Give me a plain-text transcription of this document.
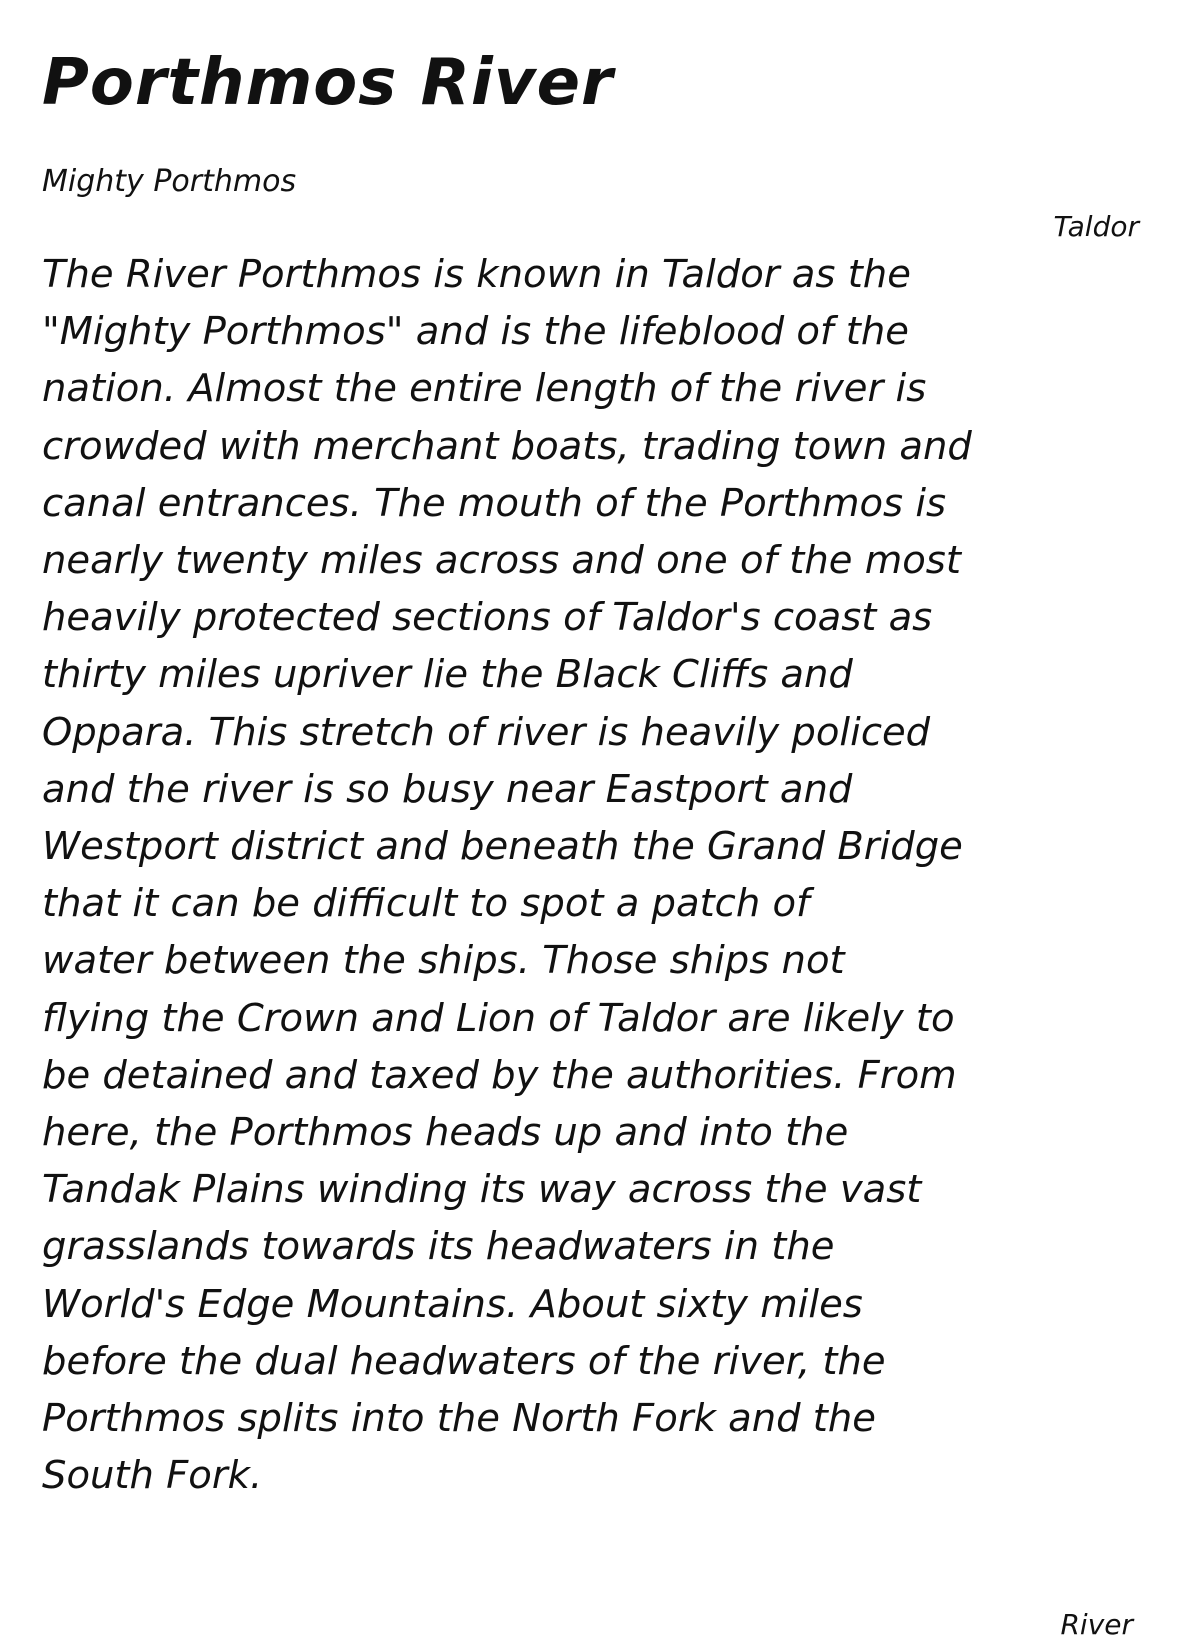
Porthmos River

Mighty Porthmos

Taldor

The River Porthmos is known in Taldor as the
"Mighty Porthmos" and is the lifeblood of the
nation. Almost the entire length of the river is
crowded with merchant boats, trading town and
canal entrances. The mouth of the Porthmos is
nearly twenty miles across and one of the most
heavily protected sections of Taldor's coast as
thirty miles upriver lie the Black Cliffs and
Oppara. This stretch of river is heavily policed
and the river is so busy near Eastport and
Westport district and beneath the Grand Bridge
that it can be difficult to spot a patch of
water between the ships. Those ships not
flying the Crown and Lion of Taldor are likely to
be detained and taxed by the authorities. From
here, the Porthmos heads up and into the
Tandak Plains winding its way across the vast
grasslands towards its headwaters in the
World's Edge Mountains. About sixty miles
before the dual headwaters of the river, the
Porthmos splits into the North Fork and the
South Fork.

River
